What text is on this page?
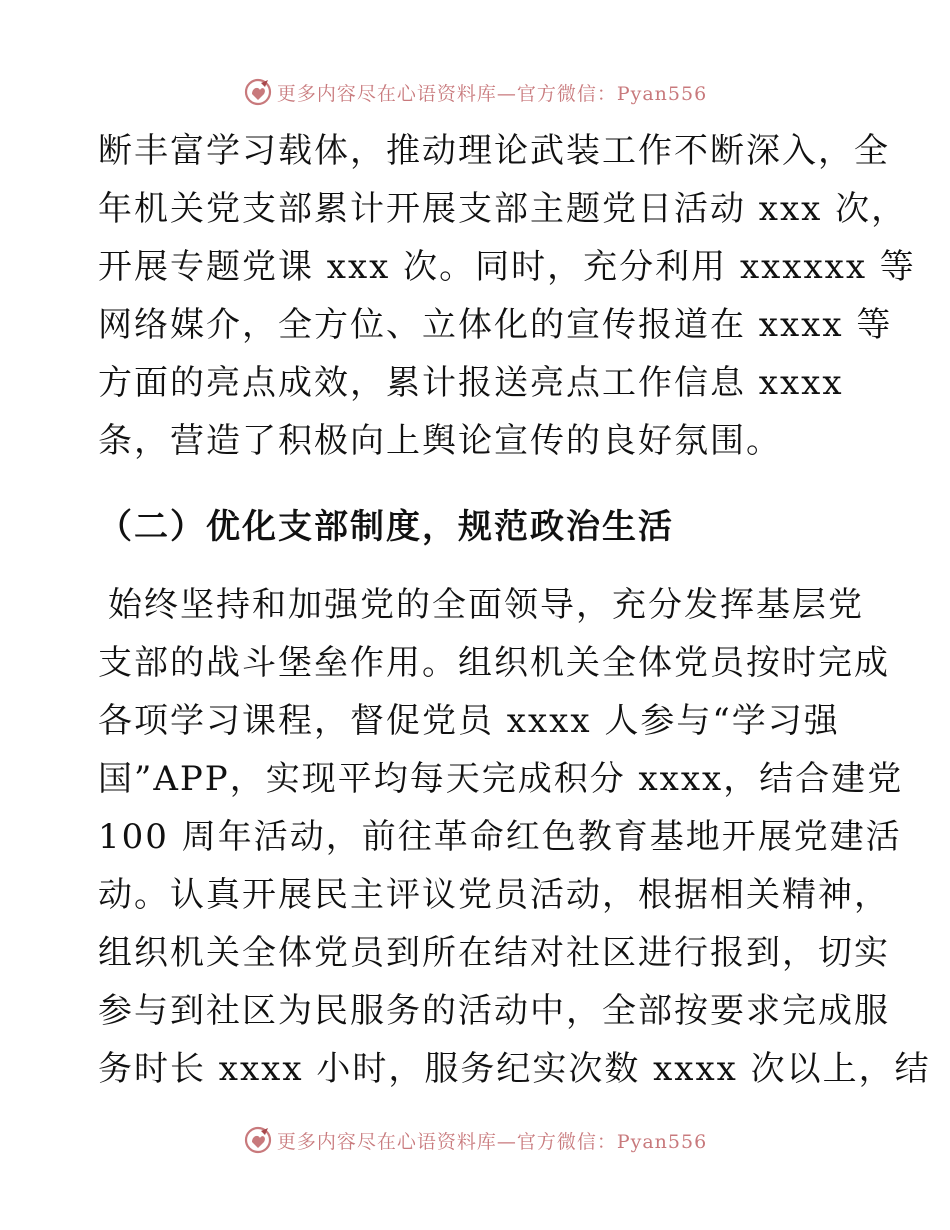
更多内容尽在心语资料库—官方微信：Pyan556

断丰富学习载体，推动理论武装工作不断深入，全

年机关党支部累计开展支部主题党日活动 xxx 次，

开展专题党课 xxx 次。同时，充分利用 xxxxxx 等

网络媒介，全方位、立体化的宣传报道在 xxxx 等

方面的亮点成效，累计报送亮点工作信息 xxxx

条，营造了积极向上舆论宣传的良好氛围。

（二）优化支部制度，规范政治生活

始终坚持和加强党的全面领导，充分发挥基层党

支部的战斗堡垒作用。组织机关全体党员按时完成

各项学习课程，督促党员 xxxx 人参与“学习强

国”APP，实现平均每天完成积分 xxxx，结合建党

100 周年活动，前往革命红色教育基地开展党建活

动。认真开展民主评议党员活动，根据相关精神，

组织机关全体党员到所在结对社区进行报到，切实

参与到社区为民服务的活动中，全部按要求完成服

务时长 xxxx 小时，服务纪实次数 xxxx 次以上，结

更多内容尽在心语资料库—官方微信：Pyan556
